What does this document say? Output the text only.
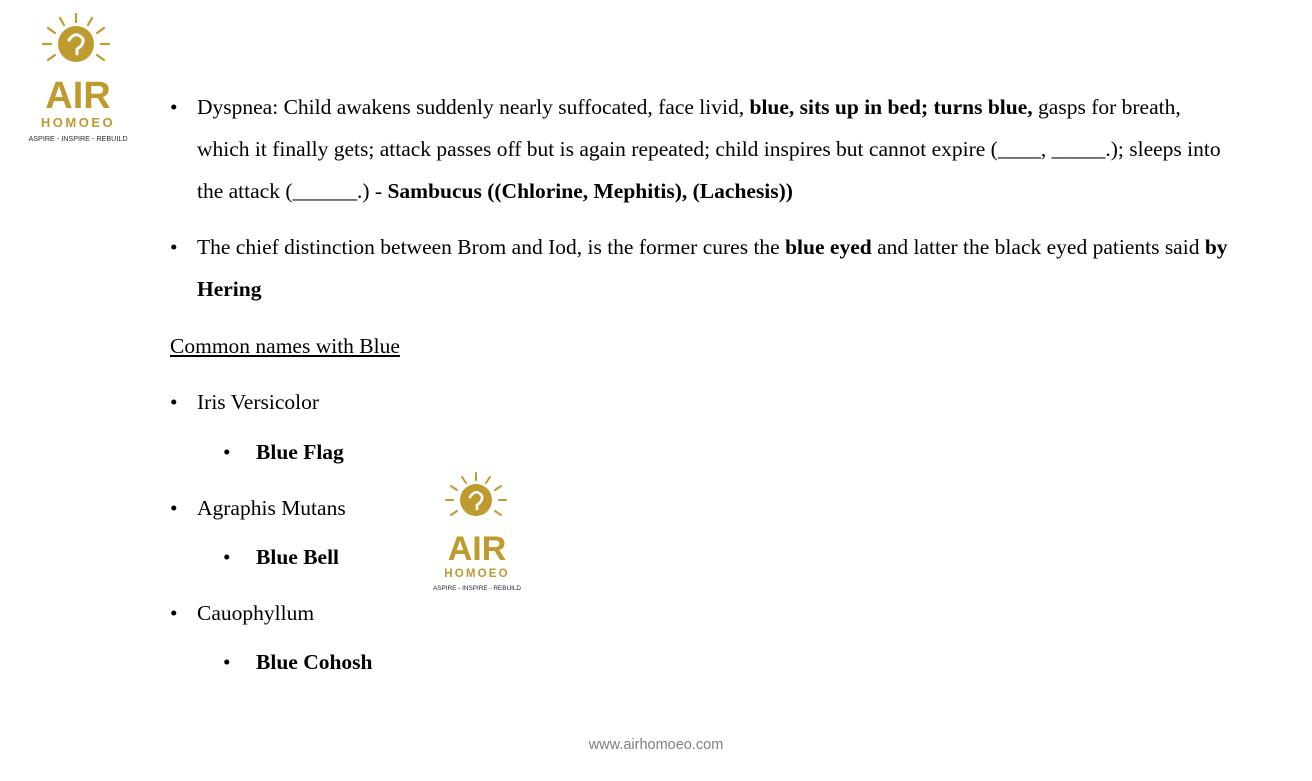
AIR
HOMOEO
ASPIRE - INSPIRE - REBUILD
AIR
HOMOEO
ASPIRE - INSPIRE - REBUILD
• Dyspnea: Child awakens suddenly nearly suffocated, face livid, blue, sits up in bed; turns blue, gasps for breath, which it finally gets; attack passes off but is again repeated; child inspires but cannot expire (____, _____.); sleeps into the attack (______.) - Sambucus ((Chlorine, Mephitis), (Lachesis))
• The chief distinction between Brom and Iod, is the former cures the blue eyed and latter the black eyed patients said by Hering
Common names with Blue
• Iris Versicolor
• Blue Flag
• Agraphis Mutans
• Blue Bell
• Cauophyllum
• Blue Cohosh
www.airhomoeo.com
